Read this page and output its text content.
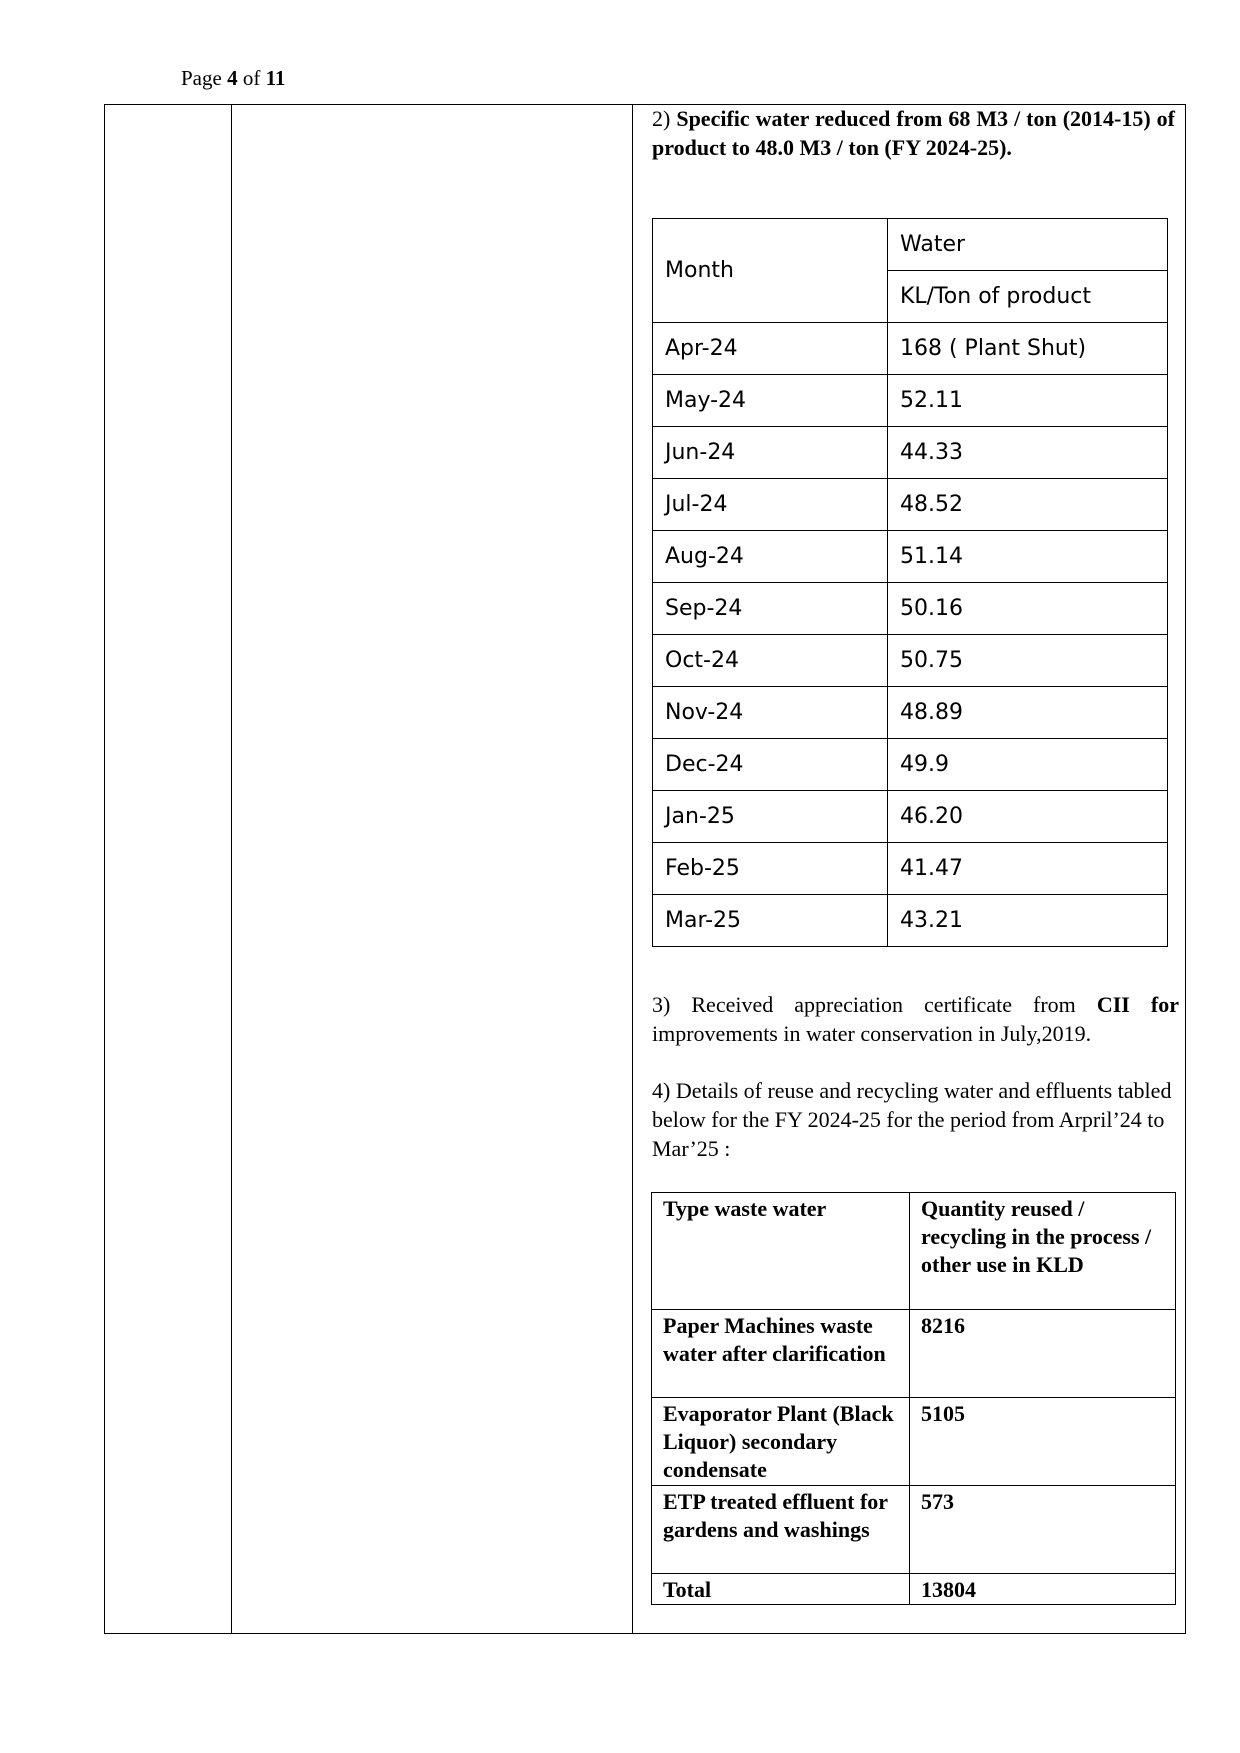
Page 4 of 11

2) Specific water reduced from 68 M3 / ton (2014-15) of product to 48.0 M3 / ton (FY 2024-25).

Month	Water
	KL/Ton of product
Apr-24	168 ( Plant Shut)
May-24	52.11
Jun-24	44.33
Jul-24	48.52
Aug-24	51.14
Sep-24	50.16
Oct-24	50.75
Nov-24	48.89
Dec-24	49.9
Jan-25	46.20
Feb-25	41.47
Mar-25	43.21

3) Received appreciation certificate from CII for improvements in water conservation in July,2019.

4) Details of reuse and recycling water and effluents tabled below for the FY 2024-25 for the period from Arpril’24 to Mar’25 :

Type waste water	Quantity reused / recycling in the process / other use in KLD
Paper Machines waste water after clarification	8216
Evaporator Plant (Black Liquor) secondary condensate	5105
ETP treated effluent for gardens and washings	573
Total	13804
